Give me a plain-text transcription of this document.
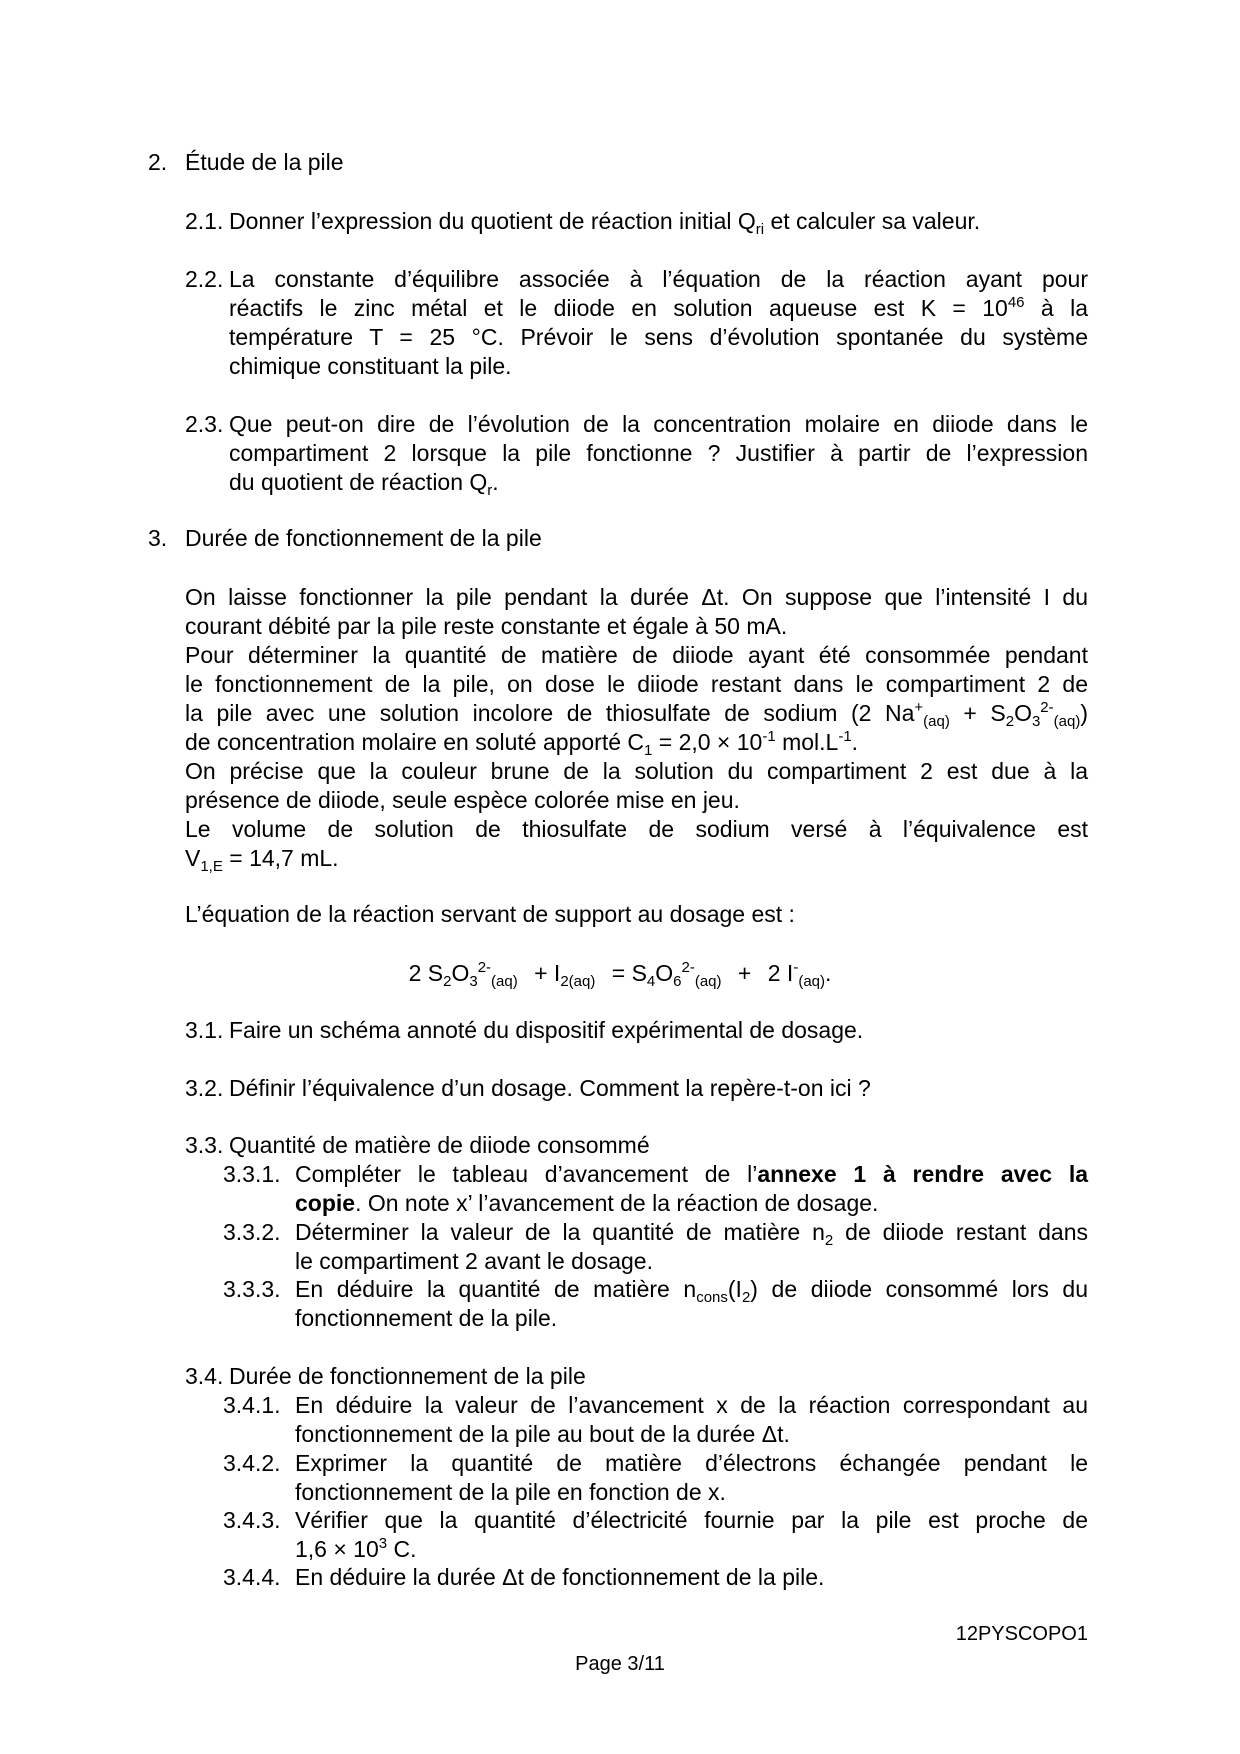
2. Étude de la pile
2.1. Donner l’expression du quotient de réaction initial $Q_{ri}$ et calculer sa valeur.
2.2. La constante d’équilibre associée à l’équation de la réaction ayant pour
réactifs le zinc métal et le diiode en solution aqueuse est $K = 10^{46}$ à la
température T = 25 °C. Prévoir le sens d’évolution spontanée du système
chimique constituant la pile.
2.3. Que peut-on dire de l’évolution de la concentration molaire en diiode dans le
compartiment 2 lorsque la pile fonctionne ? Justifier à partir de l’expression
du quotient de réaction $Q_r$.
3. Durée de fonctionnement de la pile
On laisse fonctionner la pile pendant la durée Δt. On suppose que l’intensité I du
courant débité par la pile reste constante et égale à 50 mA.
Pour déterminer la quantité de matière de diiode ayant été consommée pendant
le fonctionnement de la pile, on dose le diiode restant dans le compartiment 2 de
la pile avec une solution incolore de thiosulfate de sodium (2 $Na^+_{(aq)} + S_2O_3^{2-}_{(aq)}$)
de concentration molaire en soluté apporté $C_1 = 2,0 \times 10^{-1}$ $mol.L^{-1}$.
On précise que la couleur brune de la solution du compartiment 2 est due à la
présence de diiode, seule espèce colorée mise en jeu.
Le volume de solution de thiosulfate de sodium versé à l’équivalence est
$V_{1,E} = 14,7$ mL.
L’équation de la réaction servant de support au dosage est :
2 $S_2O_3^{2-}_{(aq)} + I_{2(aq)} = S_4O_6^{2-}_{(aq)} + 2$ $I^-_{(aq)}$.
3.1. Faire un schéma annoté du dispositif expérimental de dosage.
3.2. Définir l’équivalence d’un dosage. Comment la repère-t-on ici ?
3.3. Quantité de matière de diiode consommé
3.3.1. Compléter le tableau d’avancement de l’annexe 1 à rendre avec la
copie. On note x’ l’avancement de la réaction de dosage.
3.3.2. Déterminer la valeur de la quantité de matière $n_2$ de diiode restant dans
le compartiment 2 avant le dosage.
3.3.3. En déduire la quantité de matière $n_{cons}(I_2)$ de diiode consommé lors du
fonctionnement de la pile.
3.4. Durée de fonctionnement de la pile
3.4.1. En déduire la valeur de l’avancement x de la réaction correspondant au
fonctionnement de la pile au bout de la durée Δt.
3.4.2. Exprimer la quantité de matière d’électrons échangée pendant le
fonctionnement de la pile en fonction de x.
3.4.3. Vérifier que la quantité d’électricité fournie par la pile est proche de
$1,6 \times 10^3$ C.
3.4.4. En déduire la durée Δt de fonctionnement de la pile.
12PYSCOPO1
Page 3/11
